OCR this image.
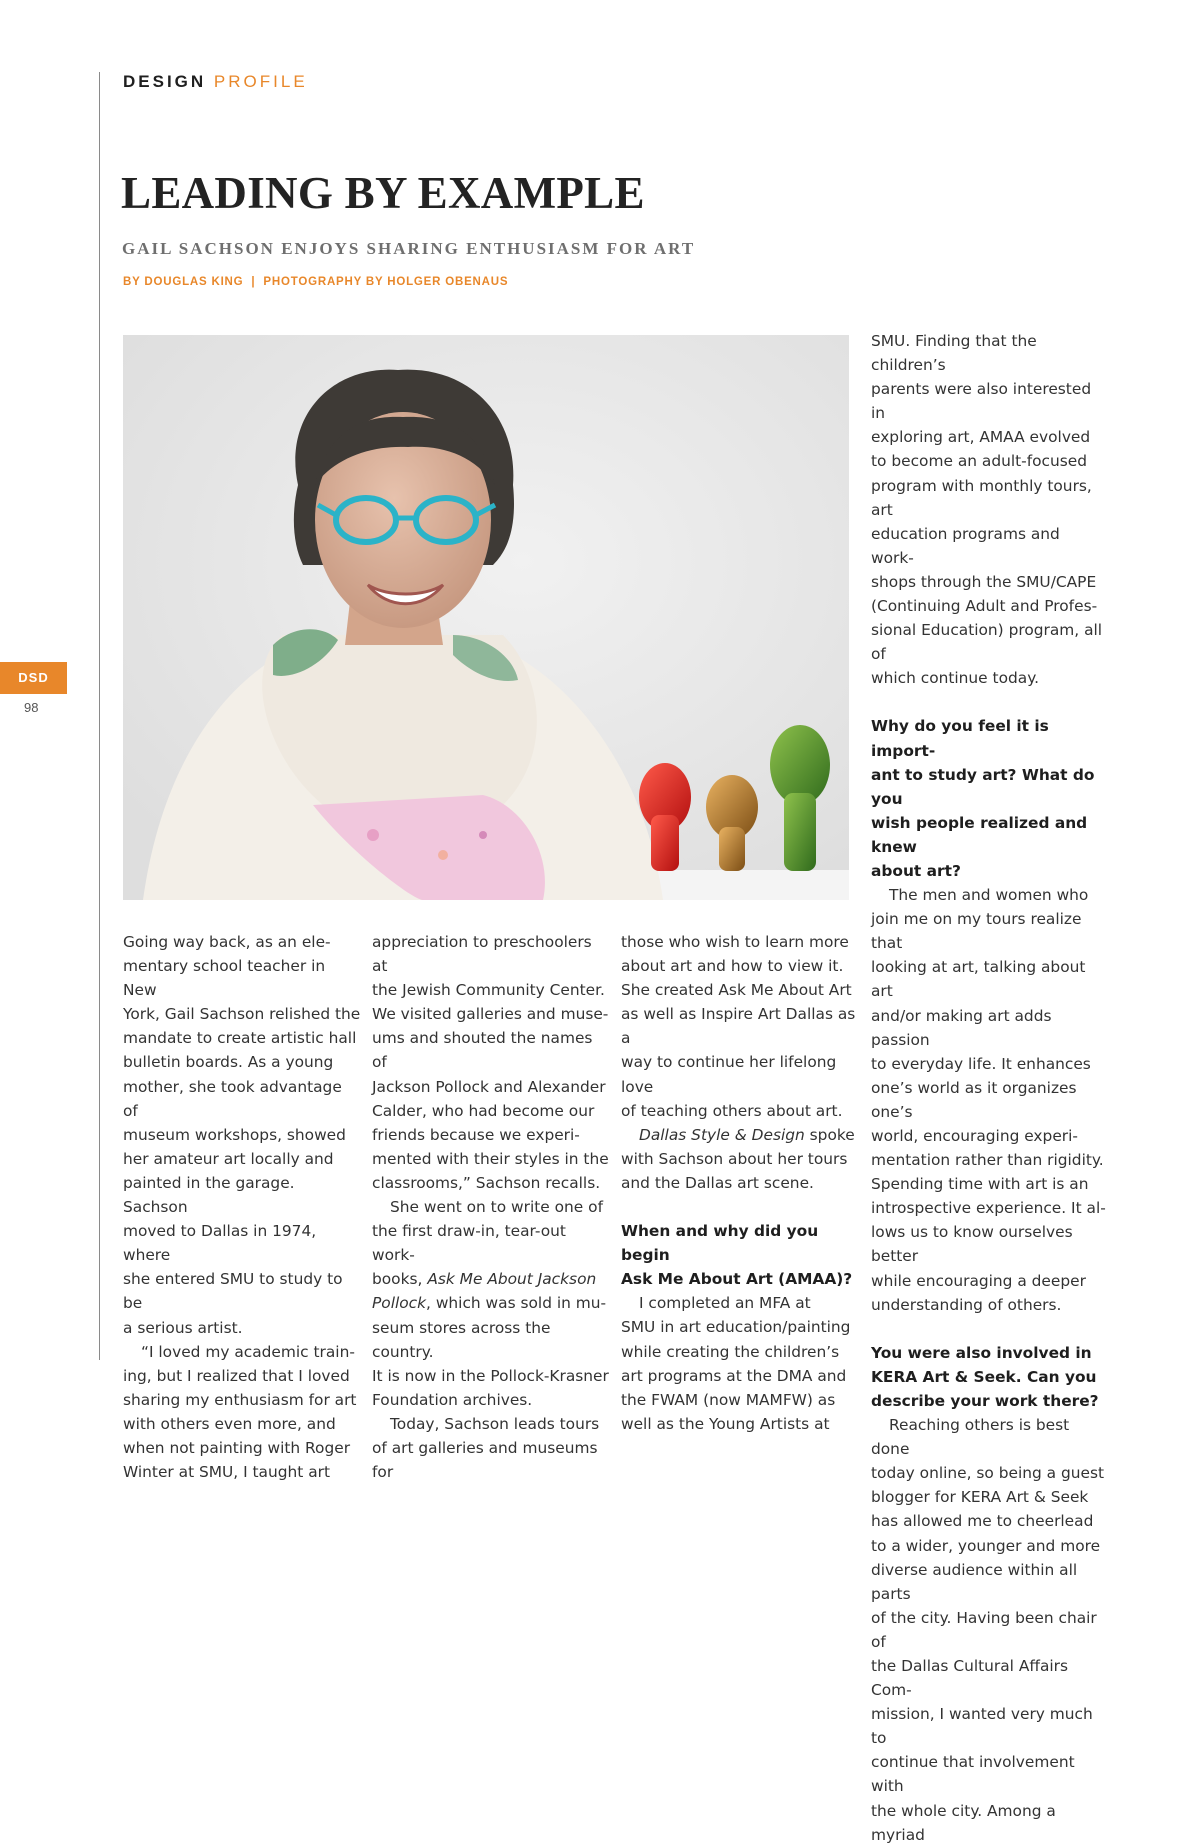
DESIGN PROFILE
LEADING BY EXAMPLE
GAIL SACHSON ENJOYS SHARING ENTHUSIASM FOR ART
BY DOUGLAS KING  |  PHOTOGRAPHY BY HOLGER OBENAUS

Going way back, as an ele-
mentary school teacher in New
York, Gail Sachson relished the
mandate to create artistic hall
bulletin boards. As a young
mother, she took advantage of
museum workshops, showed
her amateur art locally and
painted in the garage. Sachson
moved to Dallas in 1974, where
she entered SMU to study to be
a serious artist.

“I loved my academic train-
ing, but I realized that I loved
sharing my enthusiasm for art
with others even more, and
when not painting with Roger
Winter at SMU, I taught art

appreciation to preschoolers at
the Jewish Community Center.
We visited galleries and muse-
ums and shouted the names of
Jackson Pollock and Alexander
Calder, who had become our
friends because we experi-
mented with their styles in the
classrooms,” Sachson recalls.

She went on to write one of
the first draw-in, tear-out work-
books, Ask Me About Jackson
Pollock, which was sold in mu-
seum stores across the country.
It is now in the Pollock-Krasner
Foundation archives.

Today, Sachson leads tours
of art galleries and museums for

those who wish to learn more
about art and how to view it.
She created Ask Me About Art
as well as Inspire Art Dallas as a
way to continue her lifelong love
of teaching others about art.

Dallas Style & Design spoke
with Sachson about her tours
and the Dallas art scene.

When and why did you begin
Ask Me About Art (AMAA)?

I completed an MFA at
SMU in art education/painting
while creating the children’s
art programs at the DMA and
the FWAM (now MAMFW) as
well as the Young Artists at

SMU. Finding that the children’s
parents were also interested in
exploring art, AMAA evolved
to become an adult-focused
program with monthly tours, art
education programs and work-
shops through the SMU/CAPE
(Continuing Adult and Profes-
sional Education) program, all of
which continue today.

Why do you feel it is import-
ant to study art? What do you
wish people realized and knew
about art?

The men and women who
join me on my tours realize that
looking at art, talking about art
and/or making art adds passion
to everyday life. It enhances
one’s world as it organizes one’s
world, encouraging experi-
mentation rather than rigidity.
Spending time with art is an
introspective experience. It al-
lows us to know ourselves better
while encouraging a deeper
understanding of others.

You were also involved in
KERA Art & Seek. Can you
describe your work there?

Reaching others is best done
today online, so being a guest
blogger for KERA Art & Seek
has allowed me to cheerlead
to a wider, younger and more
diverse audience within all parts
of the city. Having been chair of
the Dallas Cultural Affairs Com-
mission, I wanted very much to
continue that involvement with
the whole city. Among a myriad

DSD
98
